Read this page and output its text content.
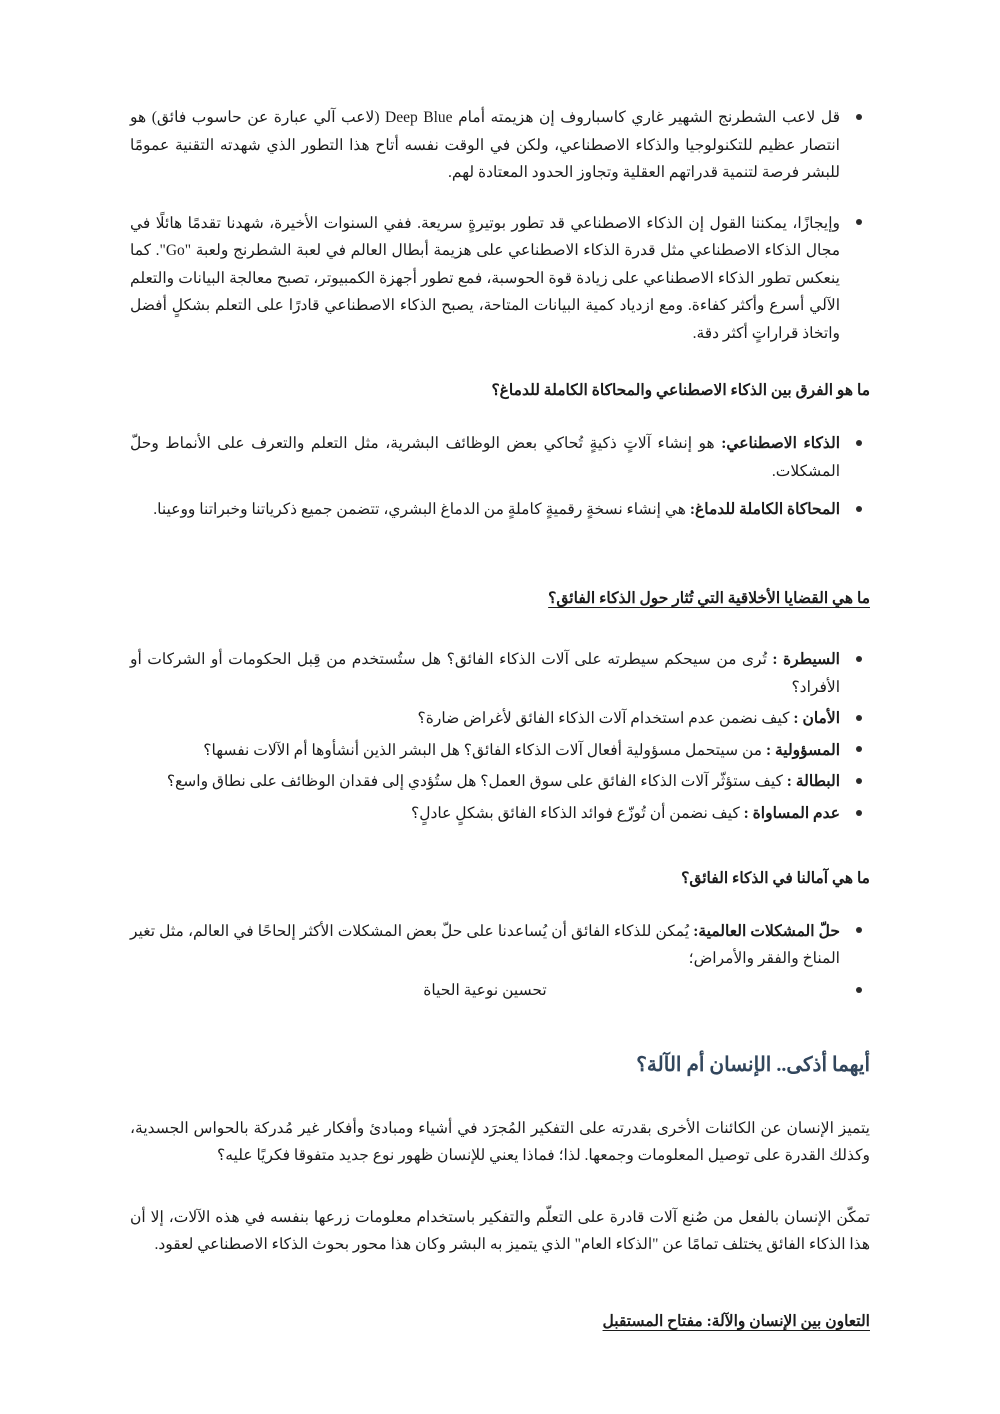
قل لاعب الشطرنج الشهير غاري كاسباروف إن هزيمته أمام Deep Blue (لاعب آلي عبارة عن حاسوب فائق) هو انتصار عظيم للتكنولوجيا والذكاء الاصطناعي، ولكن في الوقت نفسه أتاح هذا التطور الذي شهدته التقنية عمومًا للبشر فرصة لتنمية قدراتهم العقلية وتجاوز الحدود المعتادة لهم.
وإيجازًا، يمكننا القول إن الذكاء الاصطناعي قد تطور بوتيرةٍ سريعة. ففي السنوات الأخيرة، شهدنا تقدمًا هائلًا في مجال الذكاء الاصطناعي مثل قدرة الذكاء الاصطناعي على هزيمة أبطال العالم في لعبة الشطرنج ولعبة "Go". كما ينعكس تطور الذكاء الاصطناعي على زيادة قوة الحوسبة، فمع تطور أجهزة الكمبيوتر، تصبح معالجة البيانات والتعلم الآلي أسرع وأكثر كفاءة. ومع ازدياد كمية البيانات المتاحة، يصبح الذكاء الاصطناعي قادرًا على التعلم بشكلٍ أفضل واتخاذ قراراتٍ أكثر دقة.
ما هو الفرق بين الذكاء الاصطناعي والمحاكاة الكاملة للدماغ؟
الذكاء الاصطناعي: هو إنشاء آلاتٍ ذكيةٍ تُحاكي بعض الوظائف البشرية، مثل التعلم والتعرف على الأنماط وحلّ المشكلات.
المحاكاة الكاملة للدماغ: هي إنشاء نسخةٍ رقميةٍ كاملةٍ من الدماغ البشري، تتضمن جميع ذكرياتنا وخبراتنا ووعينا.
ما هي القضايا الأخلاقية التي تُثار حول الذكاء الفائق؟
السيطرة : تُرى من سيحكم سيطرته على آلات الذكاء الفائق؟ هل ستُستخدم من قِبل الحكومات أو الشركات أو الأفراد؟
الأمان : كيف نضمن عدم استخدام آلات الذكاء الفائق لأغراض ضارة؟
المسؤولية : من سيتحمل مسؤولية أفعال آلات الذكاء الفائق؟ هل البشر الذين أنشأوها أم الآلات نفسها؟
البطالة : كيف ستؤثّر آلات الذكاء الفائق على سوق العمل؟ هل ستُؤدي إلى فقدان الوظائف على نطاق واسع؟
عدم المساواة : كيف نضمن أن تُوزّع فوائد الذكاء الفائق بشكلٍ عادلٍ؟
ما هي آمالنا في الذكاء الفائق؟
حلّ المشكلات العالمية: يُمكن للذكاء الفائق أن يُساعدنا على حلّ بعض المشكلات الأكثر إلحاحًا في العالم، مثل تغير المناخ والفقر والأمراض؛
تحسين نوعية الحياة
أيهما أذكى.. الإنسان أم الآلة؟

يتميز الإنسان عن الكائنات الأخرى بقدرته على التفكير المُجرَد في أشياء ومبادئ وأفكار غير مُدركة بالحواس الجسدية، وكذلك القدرة على توصيل المعلومات وجمعها. لذا؛ فماذا يعني للإنسان ظهور نوع جديد متفوقا فكريًا عليه؟

تمكّن الإنسان بالفعل من صُنع آلات قادرة على التعلّم والتفكير باستخدام معلومات زرعها بنفسه في هذه الآلات، إلا أن هذا الذكاء الفائق يختلف تمامًا عن "الذكاء العام" الذي يتميز به البشر وكان هذا محور بحوث الذكاء الاصطناعي لعقود.

التعاون بين الإنسان والآلة: مفتاح المستقبل
